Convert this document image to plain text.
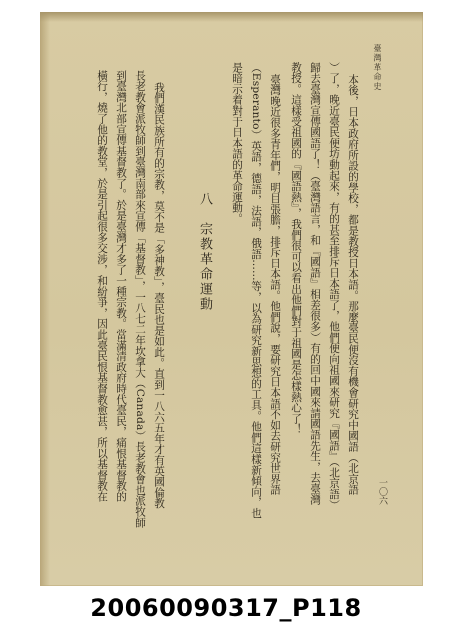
臺灣革命史
一〇六
本後，日本政府所設的學校，都是教授日本語。那麼臺民便沒有機會研究中國語（北京語
）了，晚近臺民便坊動起來，有的甚至排斥日本語了，他們便向祖國來研究『國語』（北京語）
歸去臺灣宣傳國語了！（臺灣語言，和『國語』相差很多）有的回中國來請國語先生，去臺灣
教授。這樣受祖國的『國語熱』，我們很可以看出他們對于祖國是怎樣熱心了！
臺灣晚近很多青年們，明目張膽，排斥日本語。他們說，要研究日本語不如去研究世界語
（Esperanto）英語，德語，法語，俄語……等，以為研究新思想的工具。他們這樣新傾向，也
是暗示着對于日本語的革命運動。
八　宗教革命運動
我們漢民族所有的宗教，莫不是「多神教」，臺民也是如此。直到一八六五年才有英國倫教
長老教會派牧師到臺灣南部來宣傳「基督教」，一八七二年坎拿大（Canada）長老教會也派牧師
到臺灣北部宣傳基督教了。於是臺灣才多了一種宗教。當滿清政府時代臺民，痛恨基督教的
橫行，燒了他的教堂，於是引起很多交涉，和紛爭，因此臺民恨基督教愈甚，所以基督教在
20060090317_P118
